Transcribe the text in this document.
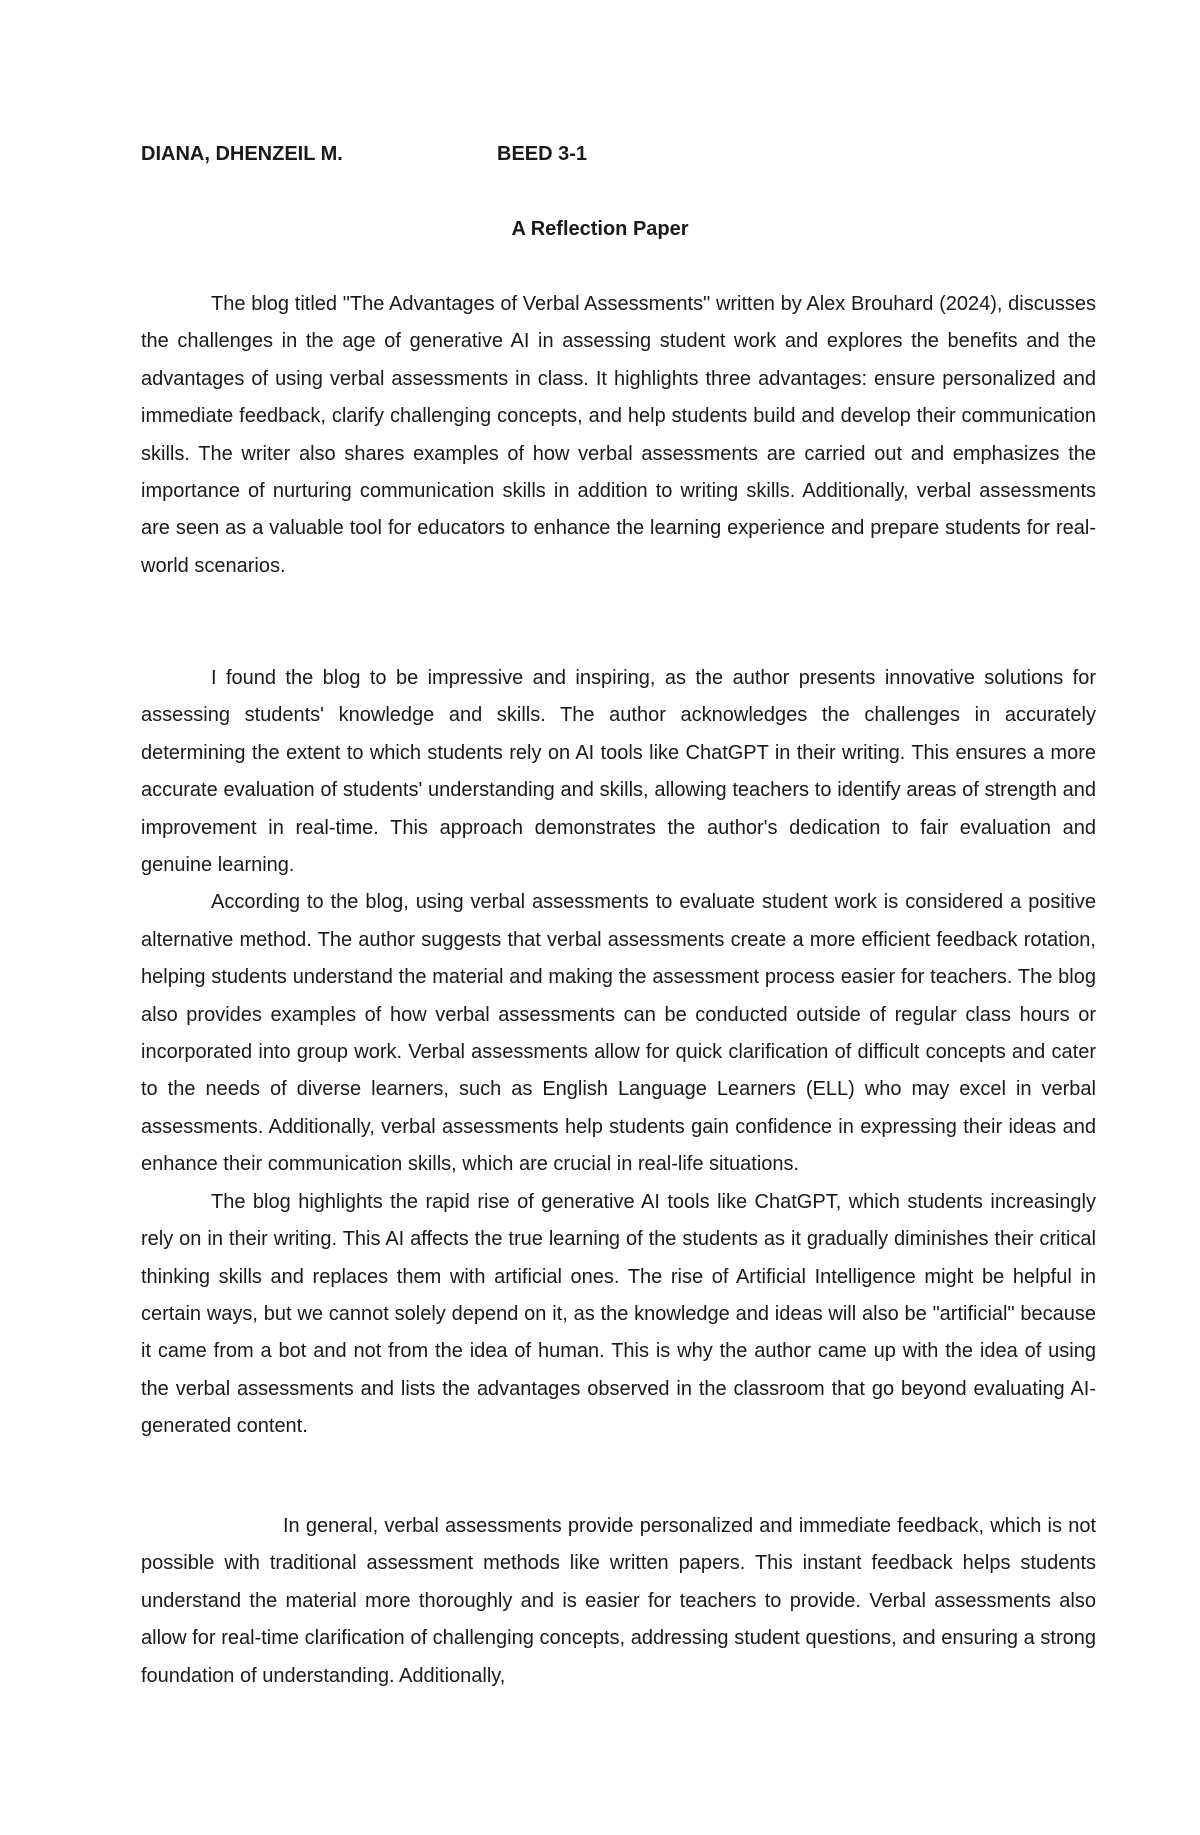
DIANA, DHENZEIL M.	BEED 3-1
A Reflection Paper

The blog titled "The Advantages of Verbal Assessments" written by Alex Brouhard (2024), discusses the challenges in the age of generative AI in assessing student work and explores the benefits and the advantages of using verbal assessments in class. It highlights three advantages: ensure personalized and immediate feedback, clarify challenging concepts, and help students build and develop their communication skills. The writer also shares examples of how verbal assessments are carried out and emphasizes the importance of nurturing communication skills in addition to writing skills. Additionally, verbal assessments are seen as a valuable tool for educators to enhance the learning experience and prepare students for real-world scenarios.

I found the blog to be impressive and inspiring, as the author presents innovative solutions for assessing students' knowledge and skills. The author acknowledges the challenges in accurately determining the extent to which students rely on AI tools like ChatGPT in their writing. This ensures a more accurate evaluation of students' understanding and skills, allowing teachers to identify areas of strength and improvement in real-time. This approach demonstrates the author's dedication to fair evaluation and genuine learning.

According to the blog, using verbal assessments to evaluate student work is considered a positive alternative method. The author suggests that verbal assessments create a more efficient feedback rotation, helping students understand the material and making the assessment process easier for teachers. The blog also provides examples of how verbal assessments can be conducted outside of regular class hours or incorporated into group work. Verbal assessments allow for quick clarification of difficult concepts and cater to the needs of diverse learners, such as English Language Learners (ELL) who may excel in verbal assessments. Additionally, verbal assessments help students gain confidence in expressing their ideas and enhance their communication skills, which are crucial in real-life situations.

The blog highlights the rapid rise of generative AI tools like ChatGPT, which students increasingly rely on in their writing. This AI affects the true learning of the students as it gradually diminishes their critical thinking skills and replaces them with artificial ones. The rise of Artificial Intelligence might be helpful in certain ways, but we cannot solely depend on it, as the knowledge and ideas will also be "artificial" because it came from a bot and not from the idea of human. This is why the author came up with the idea of using the verbal assessments and lists the advantages observed in the classroom that go beyond evaluating AI-generated content.

In general, verbal assessments provide personalized and immediate feedback, which is not possible with traditional assessment methods like written papers. This instant feedback helps students understand the material more thoroughly and is easier for teachers to provide. Verbal assessments also allow for real-time clarification of challenging concepts, addressing student questions, and ensuring a strong foundation of understanding. Additionally,
